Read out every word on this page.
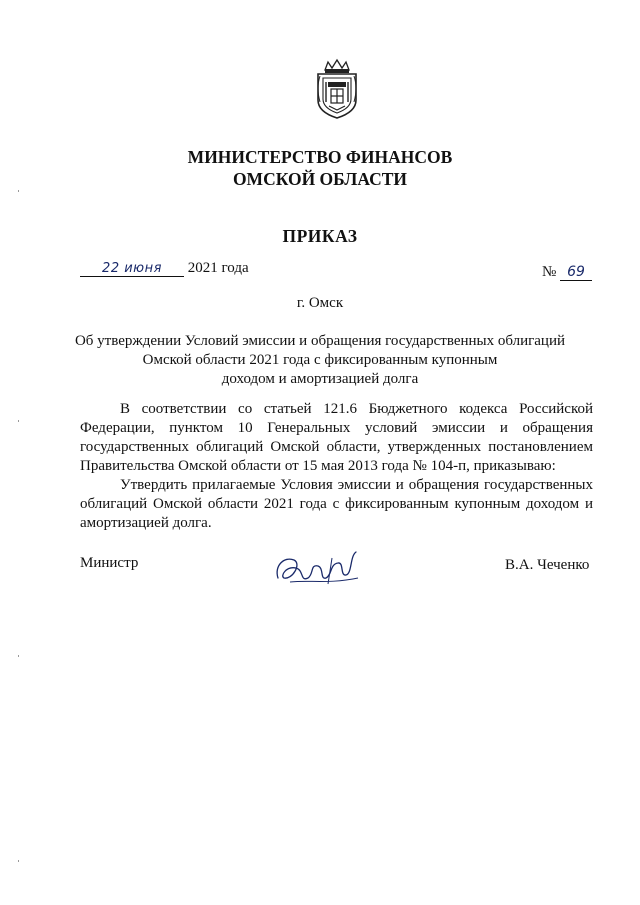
МИНИСТЕРСТВО ФИНАНСОВ
ОМСКОЙ ОБЛАСТИ
ПРИКАЗ
22 июня 2021 года	№ 69
г. Омск
Об утверждении Условий эмиссии и обращения государственных облигаций
Омской области 2021 года с фиксированным купонным
доходом и амортизацией долга

В соответствии со статьей 121.6 Бюджетного кодекса Российской Федерации, пунктом 10 Генеральных условий эмиссии и обращения государственных облигаций Омской области, утвержденных постановлением Правительства Омской области от 15 мая 2013 года № 104-п, приказываю:

Утвердить прилагаемые Условия эмиссии и обращения государственных облигаций Омской области 2021 года с фиксированным купонным доходом и амортизацией долга.

Министр	В.А. Чеченко
